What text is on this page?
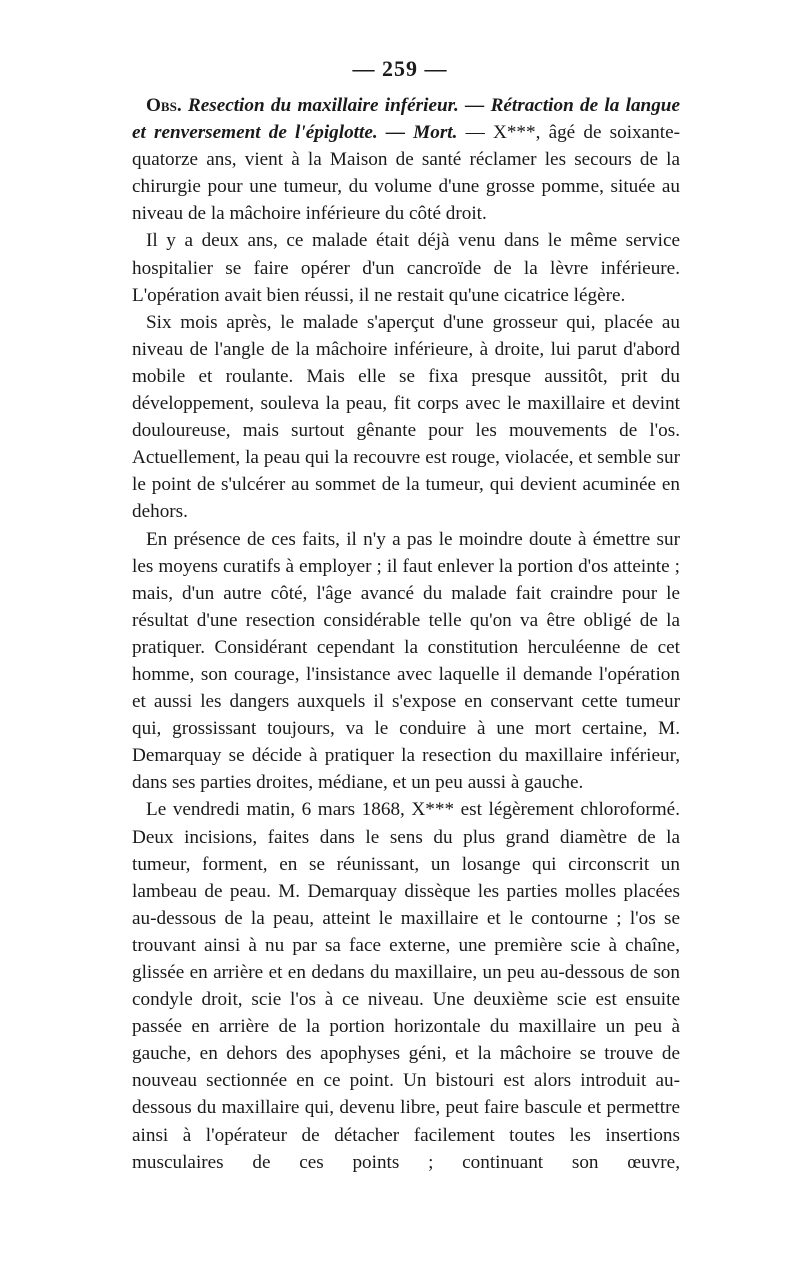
— 259 —

Obs. Resection du maxillaire inférieur. — Rétraction de la langue et renversement de l'épiglotte. — Mort. — X***, âgé de soixante-quatorze ans, vient à la Maison de santé réclamer les secours de la chirurgie pour une tumeur, du volume d'une grosse pomme, située au niveau de la mâchoire inférieure du côté droit.

Il y a deux ans, ce malade était déjà venu dans le même service hospitalier se faire opérer d'un cancroïde de la lèvre inférieure. L'opération avait bien réussi, il ne restait qu'une cicatrice légère.

Six mois après, le malade s'aperçut d'une grosseur qui, placée au niveau de l'angle de la mâchoire inférieure, à droite, lui parut d'abord mobile et roulante. Mais elle se fixa presque aussitôt, prit du développement, souleva la peau, fit corps avec le maxillaire et devint douloureuse, mais surtout gênante pour les mouvements de l'os. Actuellement, la peau qui la recouvre est rouge, violacée, et semble sur le point de s'ulcérer au sommet de la tumeur, qui devient acuminée en dehors.

En présence de ces faits, il n'y a pas le moindre doute à émettre sur les moyens curatifs à employer ; il faut enlever la portion d'os atteinte ; mais, d'un autre côté, l'âge avancé du malade fait craindre pour le résultat d'une resection considérable telle qu'on va être obligé de la pratiquer. Considérant cependant la constitution herculéenne de cet homme, son courage, l'insistance avec laquelle il demande l'opération et aussi les dangers auxquels il s'expose en conservant cette tumeur qui, grossissant toujours, va le conduire à une mort certaine, M. Demarquay se décide à pratiquer la resection du maxillaire inférieur, dans ses parties droites, médiane, et un peu aussi à gauche.

Le vendredi matin, 6 mars 1868, X*** est légèrement chloroformé. Deux incisions, faites dans le sens du plus grand diamètre de la tumeur, forment, en se réunissant, un losange qui circonscrit un lambeau de peau. M. Demarquay dissèque les parties molles placées au-dessous de la peau, atteint le maxillaire et le contourne ; l'os se trouvant ainsi à nu par sa face externe, une première scie à chaîne, glissée en arrière et en dedans du maxillaire, un peu au-dessous de son condyle droit, scie l'os à ce niveau. Une deuxième scie est ensuite passée en arrière de la portion horizontale du maxillaire un peu à gauche, en dehors des apophyses géni, et la mâchoire se trouve de nouveau sectionnée en ce point. Un bistouri est alors introduit au-dessous du maxillaire qui, devenu libre, peut faire bascule et permettre ainsi à l'opérateur de détacher facilement toutes les insertions musculaires de ces points ; continuant son œuvre,
